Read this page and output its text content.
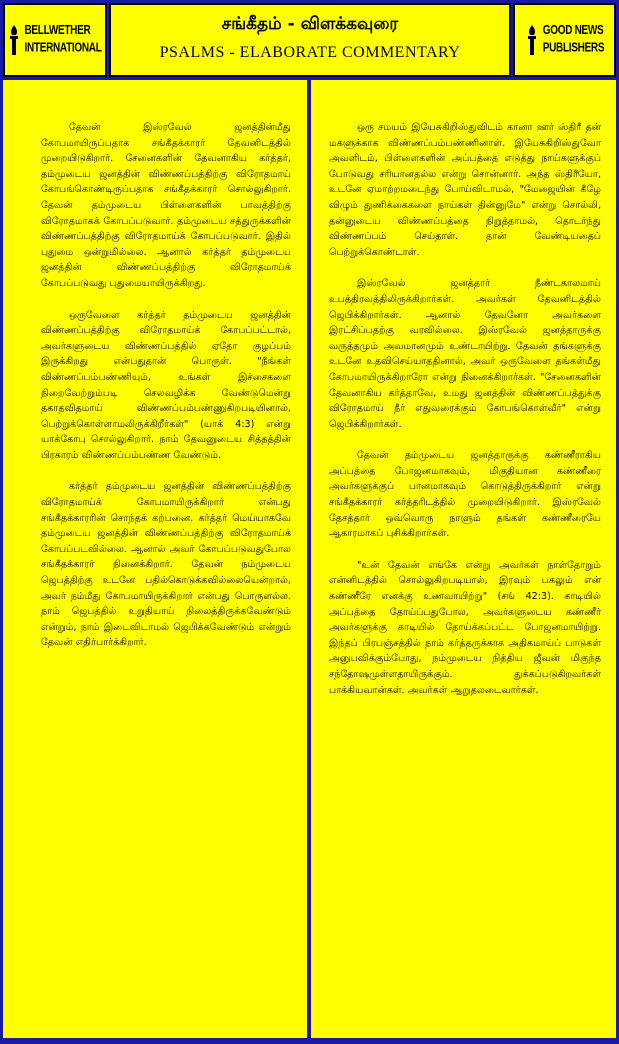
BELLWETHER
INTERNATIONAL
சங்கீதம் - விளக்கவுரை
PSALMS - ELABORATE COMMENTARY
GOOD NEWS
PUBLISHERS

தேவன் இஸ்ரவேல் ஜனத்தின்மீது கோபமாயிருப்பதாக சங்கீதக்காரர் தேவனிடத்தில் முறையிடுகிறார். சேனைகளின் தேவனாகிய கர்த்தர், தம்முடைய ஜனத்தின் விண்ணப்பத்திற்கு விரோதமாய் கோபங்கொண்டிருப்பதாக சங்கீதக்காரர் சொல்லுகிறார். தேவன் தம்முடைய பிள்ளைகளின் பாவத்திற்கு விரோதமாகக் கோபப்படுவார். தம்முடைய சத்துருக்களின் விண்ணப்பத்திற்கு விரோதமாய்க் கோபப்படுவார். இதில் புதுமை ஒன்றுமில்லை. ஆனால் கர்த்தர் தம்முடைய ஜனத்தின் விண்ணப்பத்திற்கு விரோதமாய்க் கோபப்படுவது புதுமையாயிருக்கிறது.

ஒருவேளை கர்த்தர் தம்முடைய ஜனத்தின் விண்ணப்பத்திற்கு விரோதமாய்க் கோபப்பட்டால், அவர்களுடைய விண்ணப்பத்தில் ஏதோ குழப்பம் இருக்கிறது என்பதுதான் பொருள். "நீங்கள் விண்ணப்பம்பண்ணியும், உங்கள் இச்சைகளை நிறைவேற்றும்படி செலவழிக்க வேண்டுமென்று தகாதவிதமாய் விண்ணப்பம்பண்ணுகிறபடியினால், பெற்றுக்கொள்ளாமலிருக்கிறீர்கள்" (யாக் 4:3) என்று யாக்கோபு சொல்லுகிறார். நாம் தேவனுடைய சித்தத்தின் பிரகாரம் விண்ணப்பம்பண்ண வேண்டும்.

கர்த்தர் தம்முடைய ஜனத்தின் விண்ணப்பத்திற்கு விரோதமாய்க் கோபமாயிருக்கிறார் என்பது சங்கீதக்காரரின் சொந்தக் கற்பனை. கர்த்தர் மெய்யாகவே தம்முடைய ஜனத்தின் விண்ணப்பத்திற்கு விரோதமாய்க் கோபப்படவில்லை. ஆனால் அவர் கோபப்படுவதுபோல சங்கீதக்காரர் நினைக்கிறார். தேவன் நம்முடைய ஜெபத்திற்கு உடனே பதில்கொடுக்கவில்லையென்றால், அவர் நம்மீது கோபமாயிருக்கிறார் என்பது பொருளல்ல. நாம் ஜெபத்தில் உறுதியாய் நிலைத்திருக்கவேண்டும் என்றும், நாம் இடைவிடாமல் ஜெபிக்கவேண்டும் என்றும் தேவன் எதிர்பார்க்கிறார்.

ஒரு சமயம் இயேசுகிறிஸ்துவிடம் கானா ஊர் ஸ்திரீ தன் மகளுக்காக விண்ணப்பம்பண்ணினாள். இயேசுகிறிஸ்துவோ அவளிடம், பிள்ளைகளின் அப்பத்தை எடுத்து நாய்களுக்குப் போடுவது சரியானதல்ல என்று சொன்னார். அந்த ஸ்திரீயோ, உடனே ஏமாற்றமடைந்து போய்விடாமல், "மேஜையின் கீழே விழும் துணிக்கைகளை நாய்கள் தின்னுமே" என்று சொல்லி, தன்னுடைய விண்ணப்பத்தை நிறுத்தாமல், தொடர்ந்து விண்ணப்பம் செய்தாள். தான் வேண்டியதைப் பெற்றுக்கொண்டாள்.

இஸ்ரவேல் ஜனத்தார் நீண்டகாலமாய் உபத்திரவத்திலிருக்கிறார்கள். அவர்கள் தேவனிடத்தில் ஜெபிக்கிறார்கள். ஆனால் தேவனோ அவர்களை இரட்சிப்பதற்கு வரவில்லை. இஸ்ரவேல் ஜனத்தாருக்கு வருத்தமும் அவமானமும் உண்டாயிற்று. தேவன் தங்களுக்கு உடனே உதவிசெய்யாததினால், அவர் ஒருவேளை தங்கள்மீது கோபமாயிருக்கிறாரோ என்று நினைக்கிறார்கள். "சேனைகளின் தேவனாகிய கர்த்தாவே, உமது ஜனத்தின் விண்ணப்பத்துக்கு விரோதமாய் நீர் எதுவரைக்கும் கோபங்கொள்வீர்" என்று ஜெபிக்கிறார்கள்.

தேவன் தம்முடைய ஜனத்தாருக்கு கண்ணீராகிய அப்பத்தை போஜனமாகவும், மிகுதியான கண்ணீரை அவர்களுக்குப் பானமாகவும் கொடுத்திருக்கிறார் என்று சங்கீதக்காரர் கர்த்தரிடத்தில் முறையிடுகிறார். இஸ்ரவேல் தேசத்தார் ஒவ்வொரு நாளும் தங்கள் கண்ணீரையே ஆகாரமாகப் புசிக்கிறார்கள்.

"உன் தேவன் எங்கே என்று அவர்கள் நாள்தோறும் என்னிடத்தில் சொல்லுகிறபடியால், இரவும் பகலும் என் கண்ணீரே எனக்கு உணவாயிற்று" (சங் 42:3). காடியில் அப்பத்தை தோய்ப்பதுபோல, அவர்களுடைய கண்ணீர் அவர்களுக்கு காடியில் தோய்க்கப்பட்ட போஜனமாயிற்று. இந்தப் பிரபஞ்சத்தில் நாம் கர்த்தருக்காக அதிகமாய்ப் பாடுகள் அனுபவிக்கும்போது, நம்முடைய நித்திய ஜீவன் மிகுந்த சந்தோஷமுள்ளதாயிருக்கும். துக்கப்படுகிறவர்கள் பாக்கியவான்கள். அவர்கள் ஆறுதலடைவார்கள்.
